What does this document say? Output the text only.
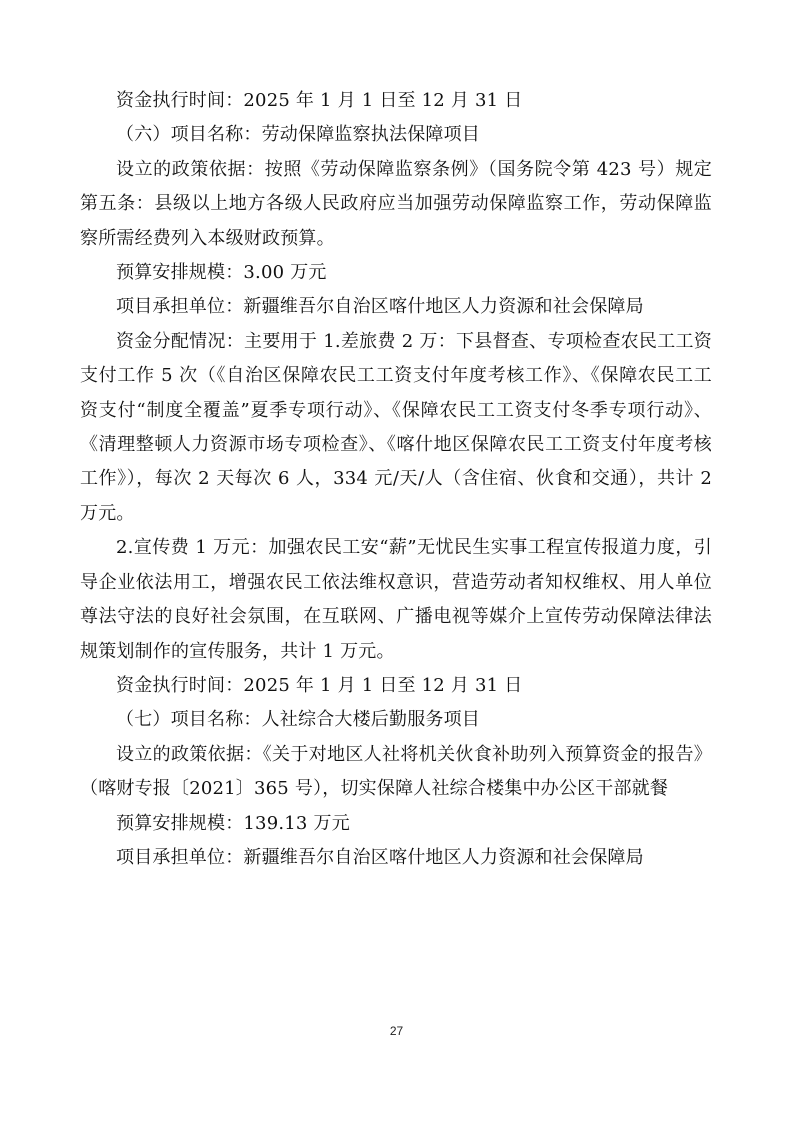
资金执行时间：2025 年 1 月 1 日至 12 月 31 日

（六）项目名称：劳动保障监察执法保障项目

设立的政策依据：按照《劳动保障监察条例》（国务院令第 423 号）规定第五条：县级以上地方各级人民政府应当加强劳动保障监察工作，劳动保障监察所需经费列入本级财政预算。

预算安排规模：3.00 万元

项目承担单位：新疆维吾尔自治区喀什地区人力资源和社会保障局

资金分配情况：主要用于 1.差旅费 2 万：下县督查、专项检查农民工工资支付工作 5 次（《自治区保障农民工工资支付年度考核工作》、《保障农民工工资支付“制度全覆盖”夏季专项行动》、《保障农民工工资支付冬季专项行动》、《清理整顿人力资源市场专项检查》、《喀什地区保障农民工工资支付年度考核工作》），每次 2 天每次 6 人，334 元/天/人（含住宿、伙食和交通），共计 2 万元。

2.宣传费 1 万元：加强农民工安“薪”无忧民生实事工程宣传报道力度，引导企业依法用工，增强农民工依法维权意识，营造劳动者知权维权、用人单位尊法守法的良好社会氛围，在互联网、广播电视等媒介上宣传劳动保障法律法规策划制作的宣传服务，共计 1 万元。

资金执行时间：2025 年 1 月 1 日至 12 月 31 日

（七）项目名称：人社综合大楼后勤服务项目

设立的政策依据：《关于对地区人社将机关伙食补助列入预算资金的报告》（喀财专报〔2021〕365 号），切实保障人社综合楼集中办公区干部就餐

预算安排规模：139.13 万元

项目承担单位：新疆维吾尔自治区喀什地区人力资源和社会保障局

27
